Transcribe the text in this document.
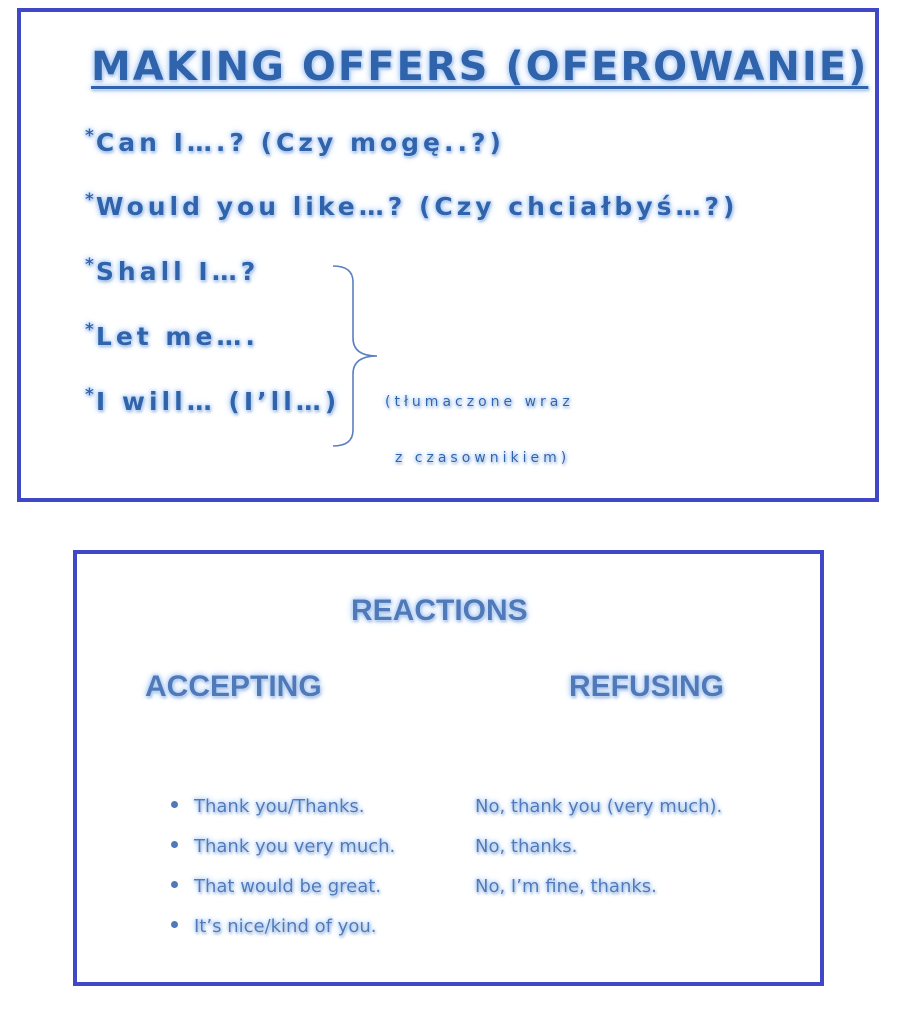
MAKING OFFERS (OFEROWANIE)
*Can I….? (Czy mogę..?)
*Would you like…? (Czy chciałbyś…?)
*Shall I…?
*Let me….
*I will… (I’ll…)	(tłumaczone wraz
z czasownikiem)
REACTIONS
ACCEPTING	REFUSING
Thank you/Thanks.
Thank you very much.
That would be great.
It’s nice/kind of you.
No, thank you (very much).
No, thanks.
No, I’m fine, thanks.
